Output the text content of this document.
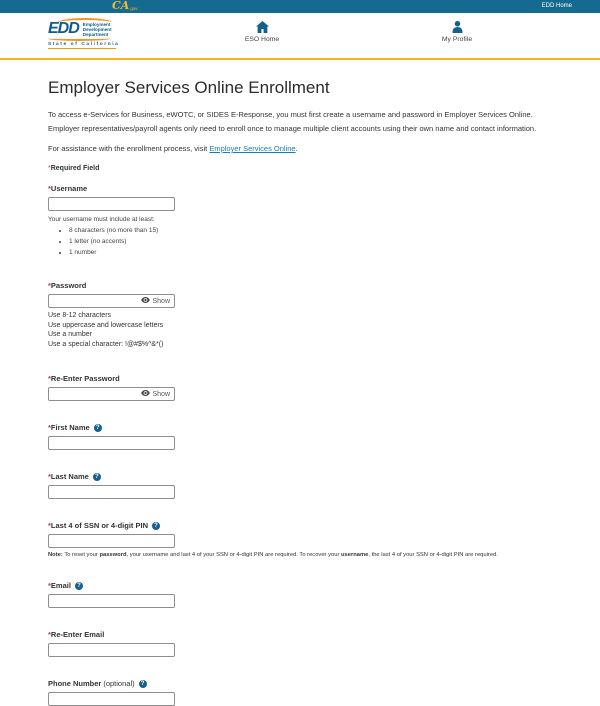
CA gov	EDD Home
EDD Employment
Development
Department
State of California
ESO Home	My Profile
Employer Services Online Enrollment

To access e-Services for Business, eWOTC, or SIDES E-Response, you must first create a username and password in Employer Services Online. Employer representatives/payroll agents only need to enroll once to manage multiple client accounts using their own name and contact information.

For assistance with the enrollment process, visit Employer Services Online.

*Required Field

* Username
Your username must include at least:
• 8 characters (no more than 15)
• 1 letter (no accents)
• 1 number
* Password
Show
Use 8-12 characters
Use uppercase and lowercase letters
Use a number
Use a special character: !@#$%^&*()
* Re-Enter Password
Show
* First Name	?
* Last Name	?
* Last 4 of SSN or 4-digit PIN	?
Note: To reset your password, your username and last 4 of your SSN or 4-digit PIN are required. To recover your username, the last 4 of your SSN or 4-digit PIN are required.
* Email	?
* Re-Enter Email
Phone Number (optional)	?
